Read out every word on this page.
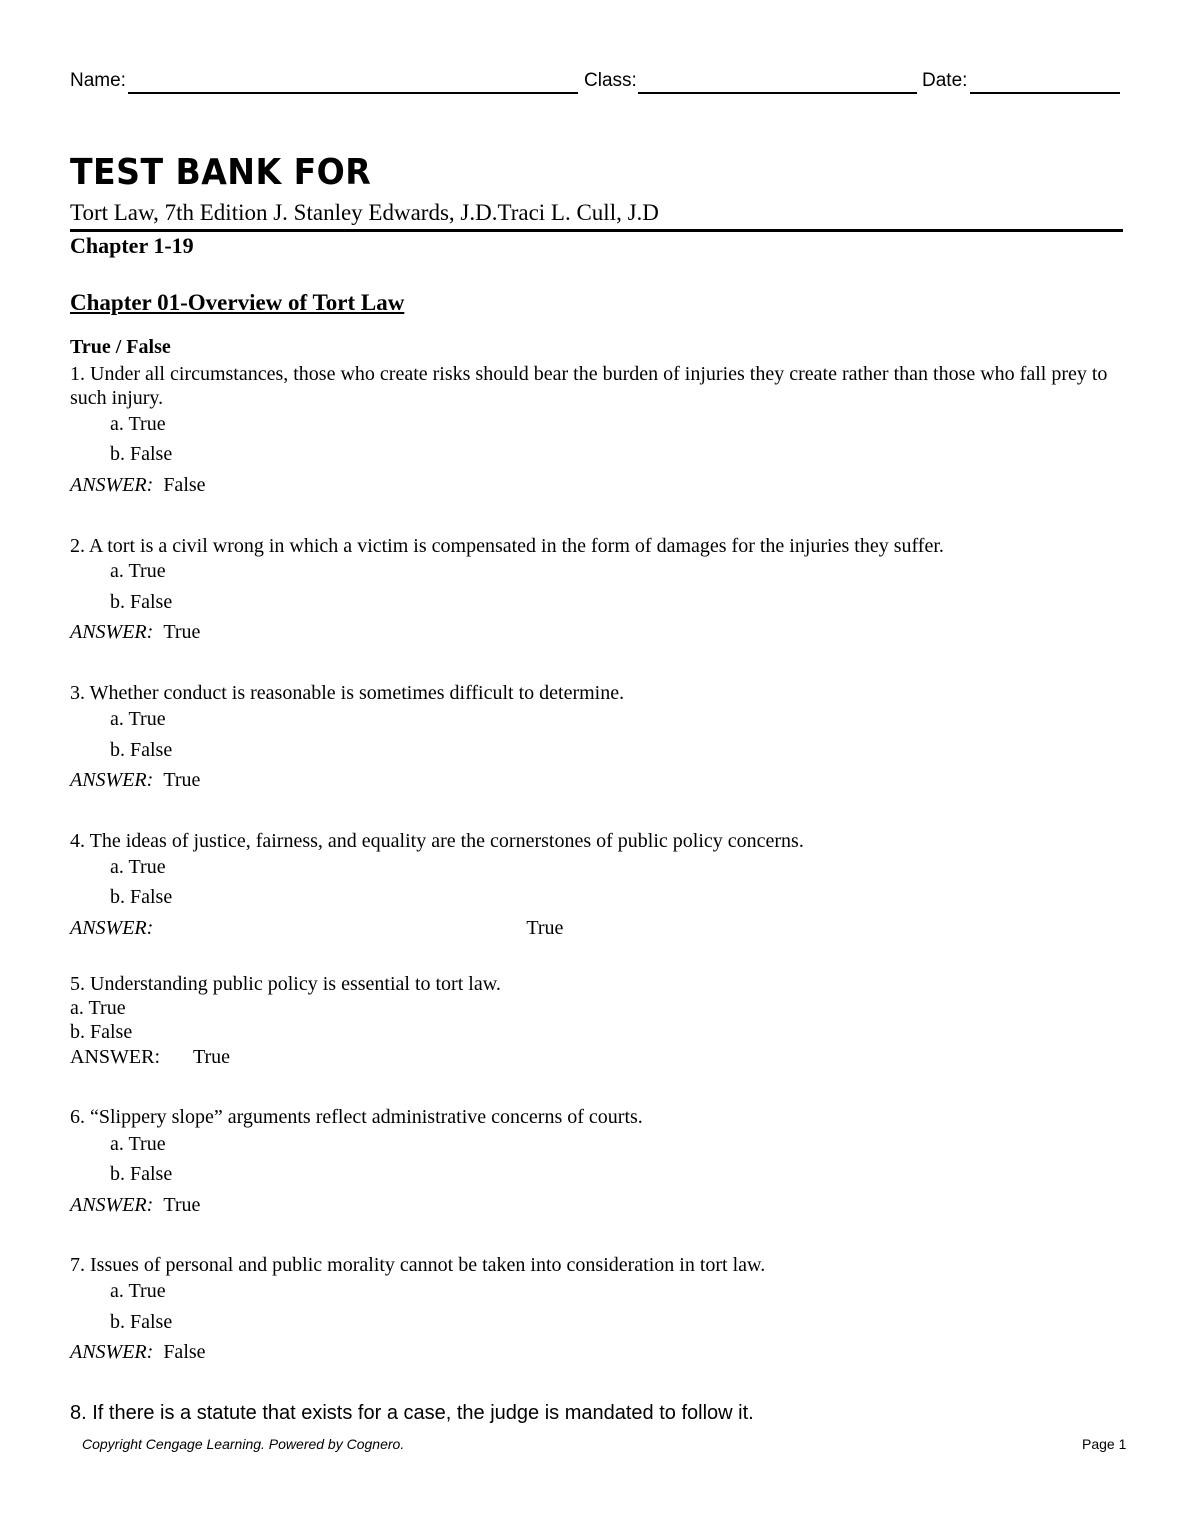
Name:	Class:	Date:
TEST BANK FOR
Tort Law, 7th Edition J. Stanley Edwards, J.D.Traci L. Cull, J.D
Chapter 1-19
Chapter 01-Overview of Tort Law
True / False
1. Under all circumstances, those who create risks should bear the burden of injuries they create rather than those who fall prey to such injury.
a. True
b. False
ANSWER: False
2. A tort is a civil wrong in which a victim is compensated in the form of damages for the injuries they suffer.
a. True
b. False
ANSWER: True
3. Whether conduct is reasonable is sometimes difficult to determine.
a. True
b. False
ANSWER: True
4. The ideas of justice, fairness, and equality are the cornerstones of public policy concerns.
a. True
b. False
ANSWER:	True
5. Understanding public policy is essential to tort law.
a. True
b. False
ANSWER: True
6. “Slippery slope” arguments reflect administrative concerns of courts.
a. True
b. False
ANSWER: True
7. Issues of personal and public morality cannot be taken into consideration in tort law.
a. True
b. False
ANSWER: False
8. If there is a statute that exists for a case, the judge is mandated to follow it.
Copyright Cengage Learning. Powered by Cognero.	Page 1
